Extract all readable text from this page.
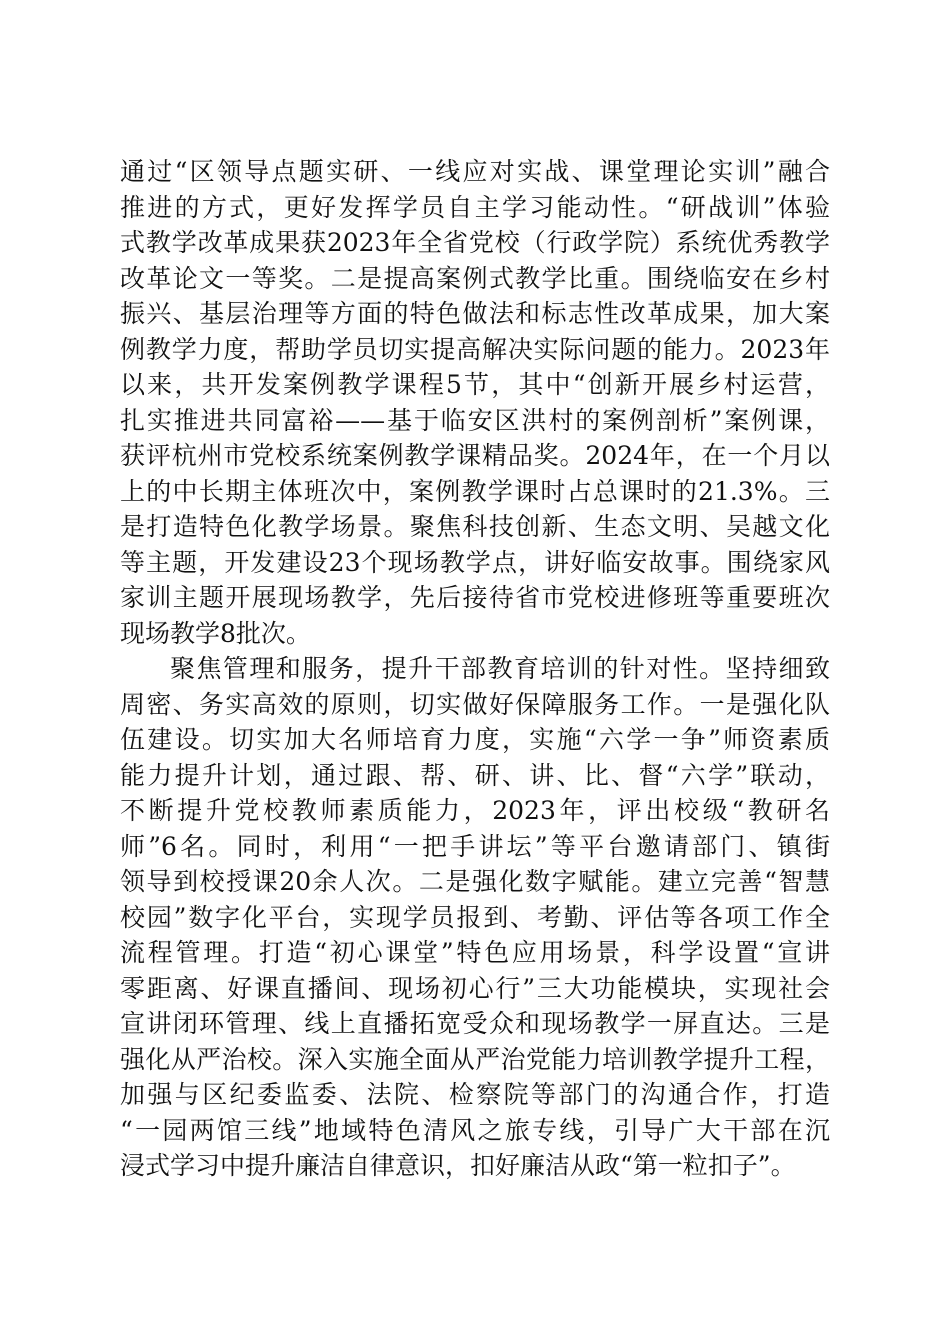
通过“区领导点题实研、一线应对实战、课堂理论实训”融合
推进的方式，更好发挥学员自主学习能动性。“研战训”体验
式教学改革成果获2023年全省党校（行政学院）系统优秀教学
改革论文一等奖。二是提高案例式教学比重。围绕临安在乡村
振兴、基层治理等方面的特色做法和标志性改革成果，加大案
例教学力度，帮助学员切实提高解决实际问题的能力。2023年
以来，共开发案例教学课程5节，其中“创新开展乡村运营，
扎实推进共同富裕——基于临安区洪村的案例剖析”案例课，
获评杭州市党校系统案例教学课精品奖。2024年，在一个月以
上的中长期主体班次中，案例教学课时占总课时的21.3%。三
是打造特色化教学场景。聚焦科技创新、生态文明、吴越文化
等主题，开发建设23个现场教学点，讲好临安故事。围绕家风
家训主题开展现场教学，先后接待省市党校进修班等重要班次
现场教学8批次。
聚焦管理和服务，提升干部教育培训的针对性。坚持细致
周密、务实高效的原则，切实做好保障服务工作。一是强化队
伍建设。切实加大名师培育力度，实施“六学一争”师资素质
能力提升计划，通过跟、帮、研、讲、比、督“六学”联动，
不断提升党校教师素质能力，2023年，评出校级“教研名
师”6名。同时，利用“一把手讲坛”等平台邀请部门、镇街
领导到校授课20余人次。二是强化数字赋能。建立完善“智慧
校园”数字化平台，实现学员报到、考勤、评估等各项工作全
流程管理。打造“初心课堂”特色应用场景，科学设置“宣讲
零距离、好课直播间、现场初心行”三大功能模块，实现社会
宣讲闭环管理、线上直播拓宽受众和现场教学一屏直达。三是
强化从严治校。深入实施全面从严治党能力培训教学提升工程，
加强与区纪委监委、法院、检察院等部门的沟通合作，打造
“一园两馆三线”地域特色清风之旅专线，引导广大干部在沉
浸式学习中提升廉洁自律意识，扣好廉洁从政“第一粒扣子”。
